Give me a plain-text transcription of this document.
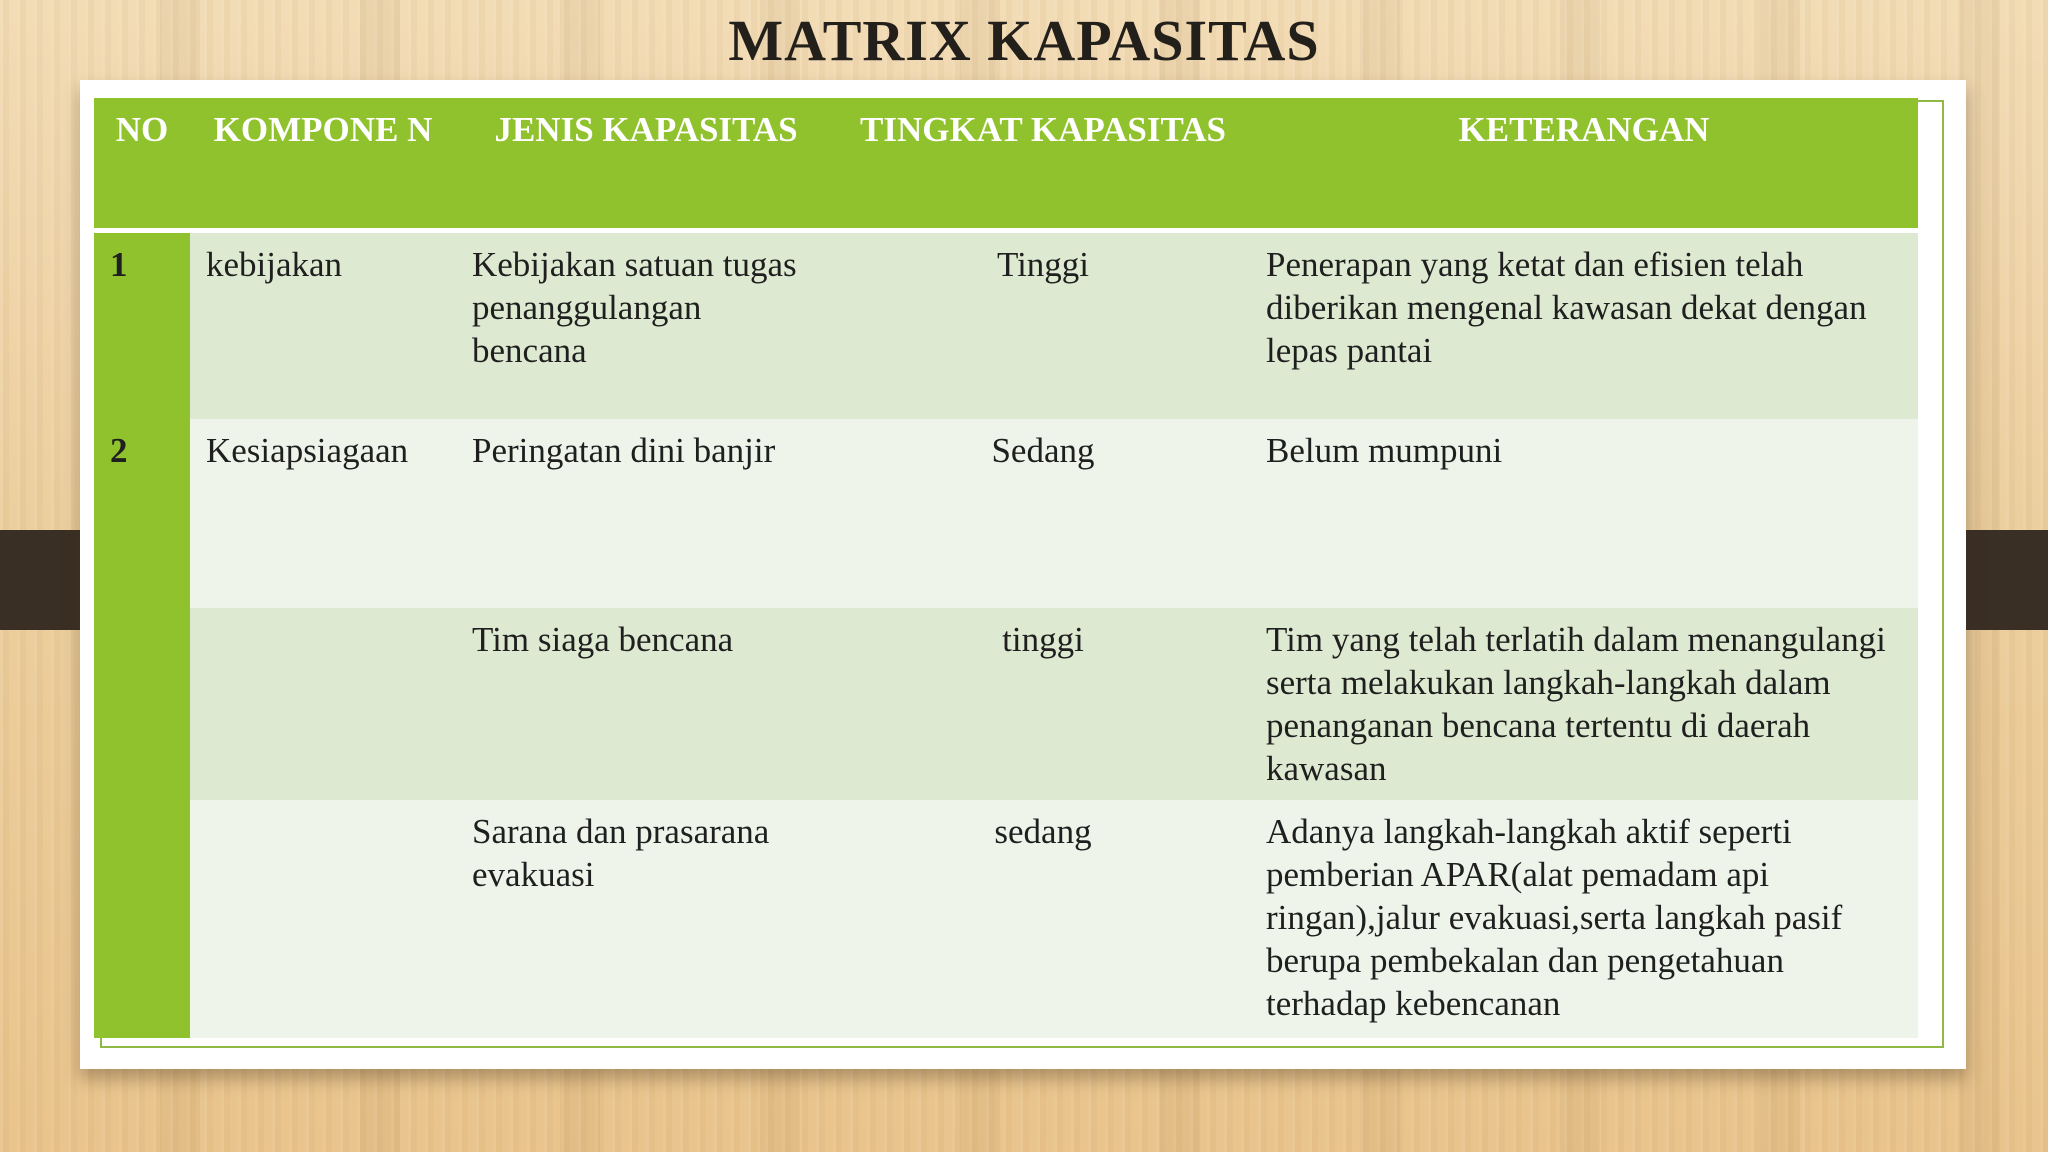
MATRIX KAPASITAS
NO	KOMPONE N	JENIS KAPASITAS	TINGKAT KAPASITAS	KETERANGAN
1	kebijakan	Kebijakan satuan tugas penanggulangan bencana	Tinggi	Penerapan yang ketat dan efisien telah diberikan mengenal kawasan dekat dengan lepas pantai
2	Kesiapsiagaan	Peringatan dini banjir	Sedang	Belum mumpuni
		Tim siaga bencana	tinggi	Tim yang telah terlatih dalam menangulangi serta melakukan langkah-langkah dalam penanganan bencana tertentu di daerah kawasan
		Sarana dan prasarana evakuasi	sedang	Adanya langkah-langkah aktif seperti pemberian APAR(alat pemadam api ringan),jalur evakuasi,serta langkah pasif berupa pembekalan dan pengetahuan terhadap kebencanan
